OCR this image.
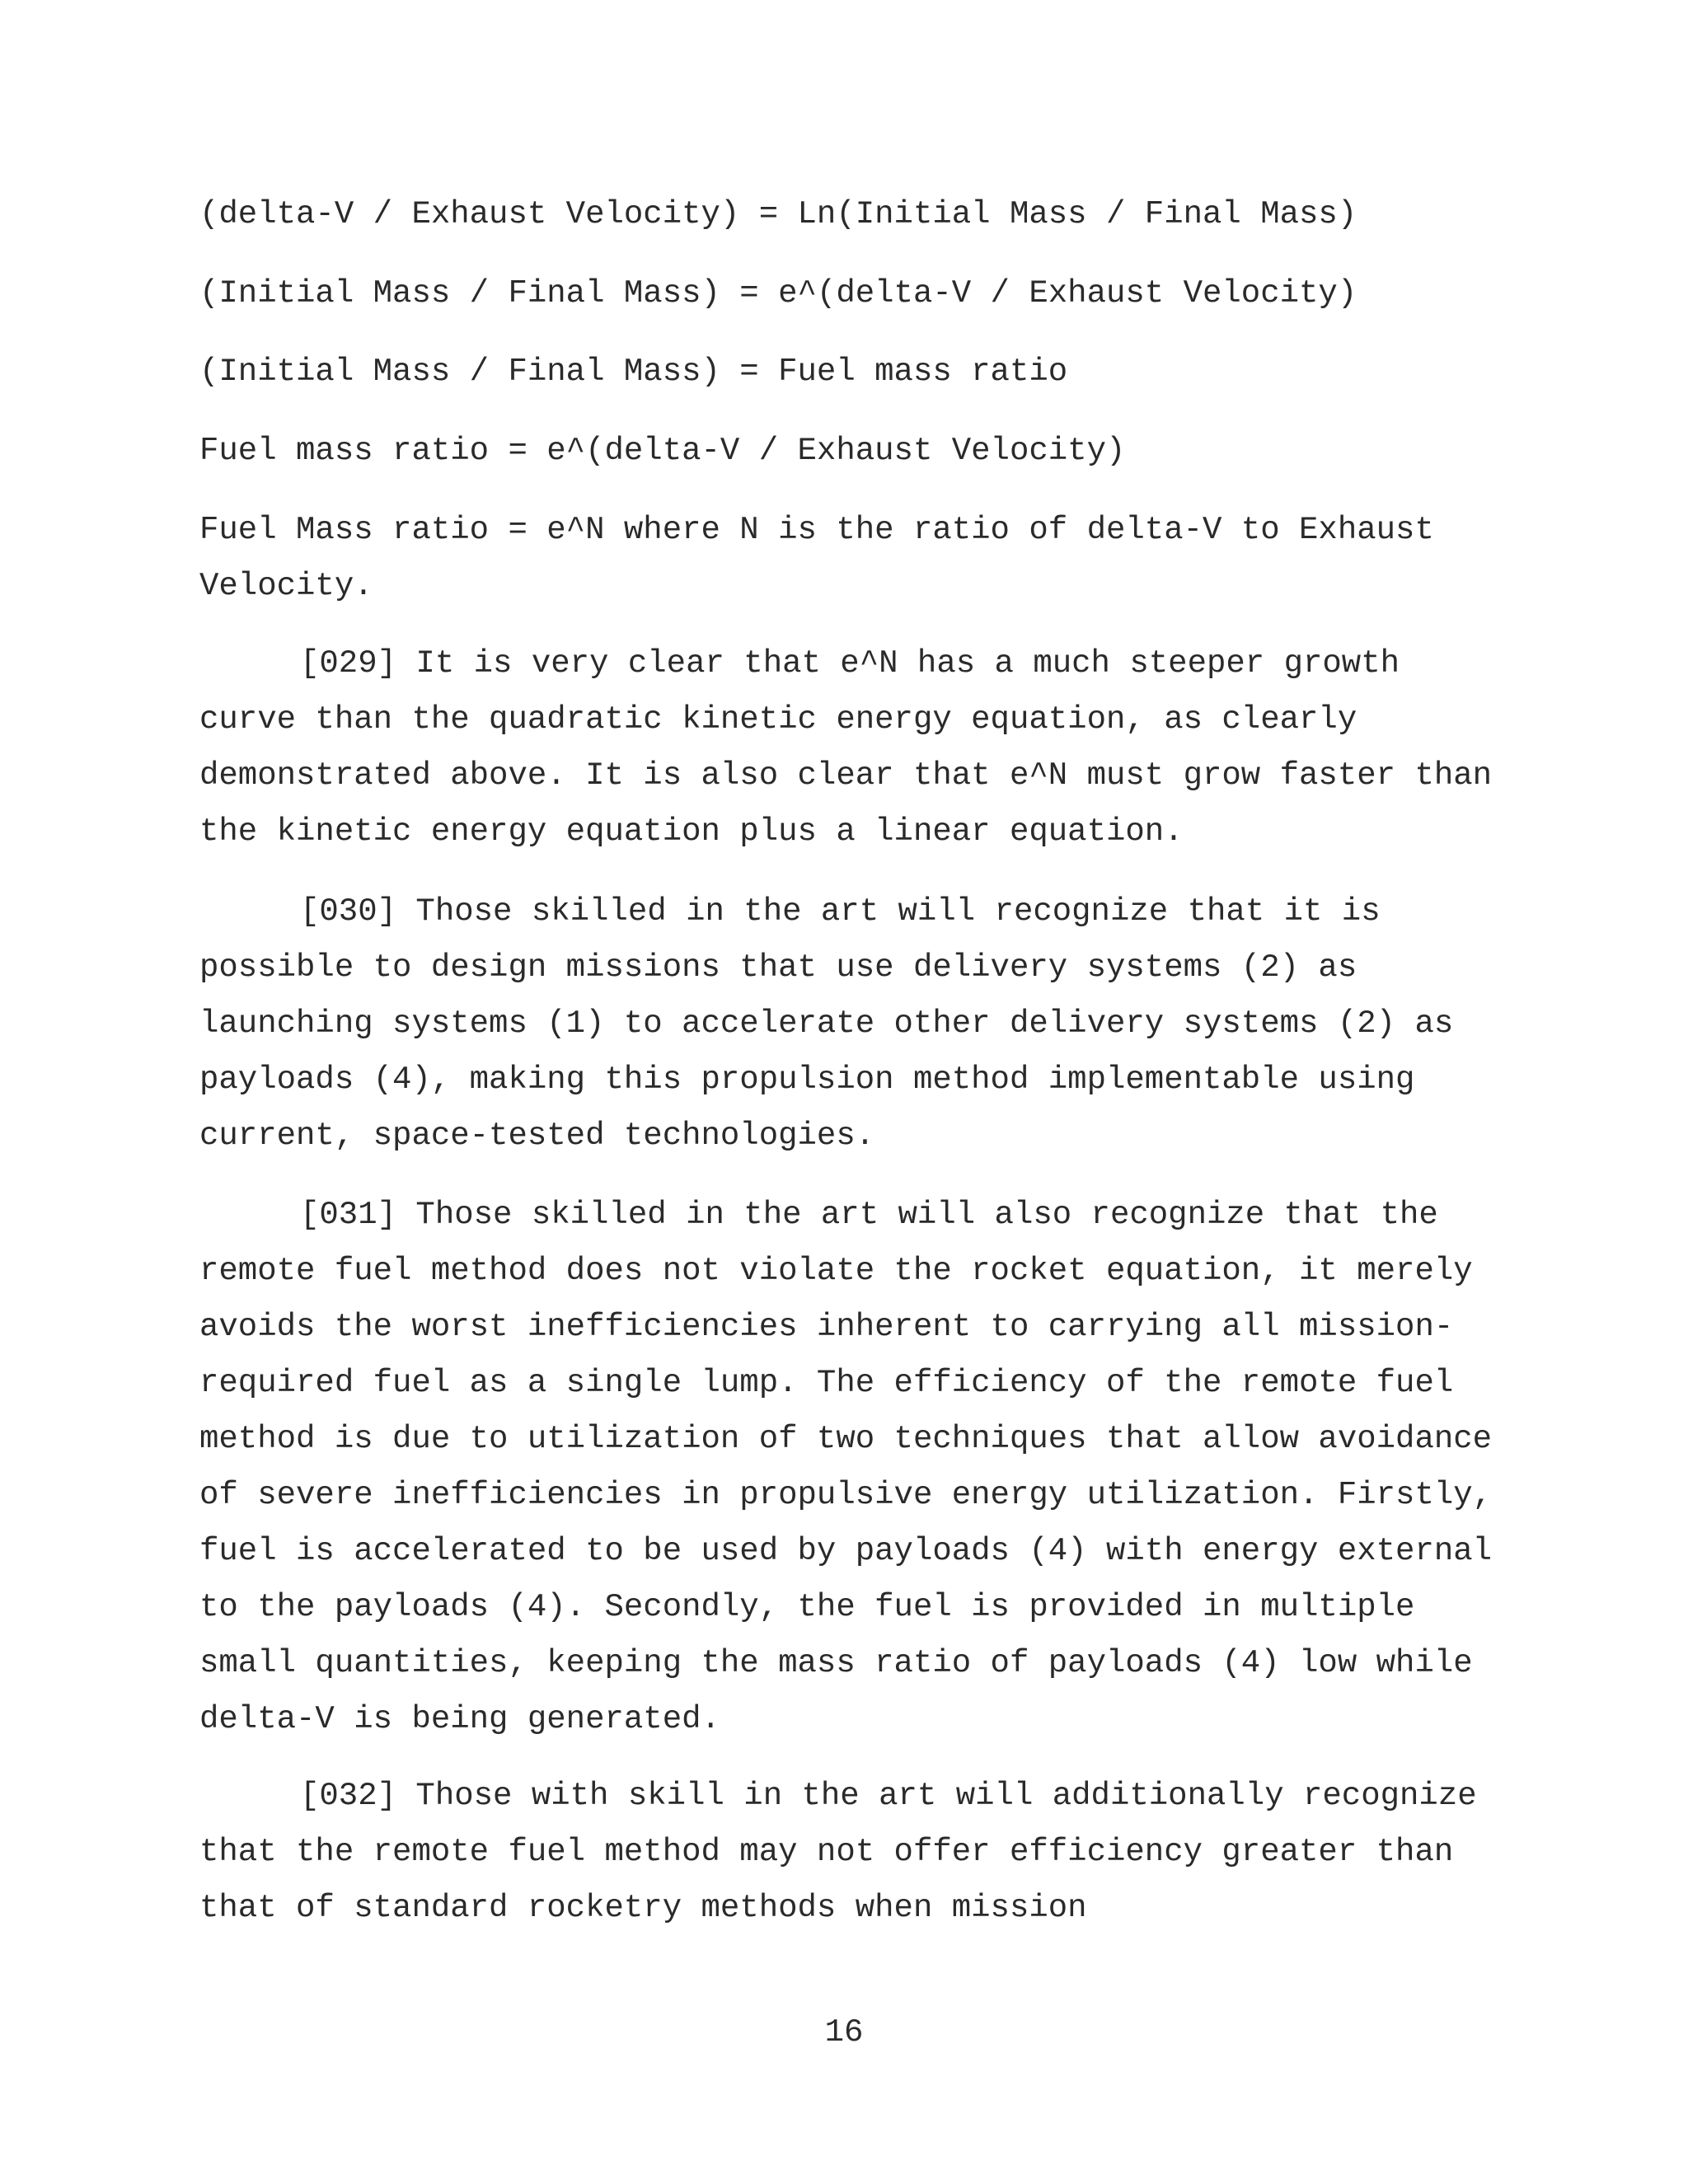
(delta-V / Exhaust Velocity) = Ln(Initial Mass / Final Mass)

(Initial Mass / Final Mass) = e^(delta-V / Exhaust Velocity)

(Initial Mass / Final Mass) = Fuel mass ratio

Fuel mass ratio = e^(delta-V / Exhaust Velocity)

Fuel Mass ratio = e^N where N is the ratio of delta-V to Exhaust Velocity.

[029] It is very clear that e^N has a much steeper growth curve than the quadratic kinetic energy equation, as clearly demonstrated above. It is also clear that e^N must grow faster than the kinetic energy equation plus a linear equation.

[030] Those skilled in the art will recognize that it is possible to design missions that use delivery systems (2) as launching systems (1) to accelerate other delivery systems (2) as payloads (4), making this propulsion method implementable using current, space-tested technologies.

[031] Those skilled in the art will also recognize that the remote fuel method does not violate the rocket equation, it merely avoids the worst inefficiencies inherent to carrying all mission-required fuel as a single lump. The efficiency of the remote fuel method is due to utilization of two techniques that allow avoidance of severe inefficiencies in propulsive energy utilization. Firstly, fuel is accelerated to be used by payloads (4) with energy external to the payloads (4). Secondly, the fuel is provided in multiple small quantities, keeping the mass ratio of payloads (4) low while delta-V is being generated.

[032] Those with skill in the art will additionally recognize that the remote fuel method may not offer efficiency greater than that of standard rocketry methods when mission

16
